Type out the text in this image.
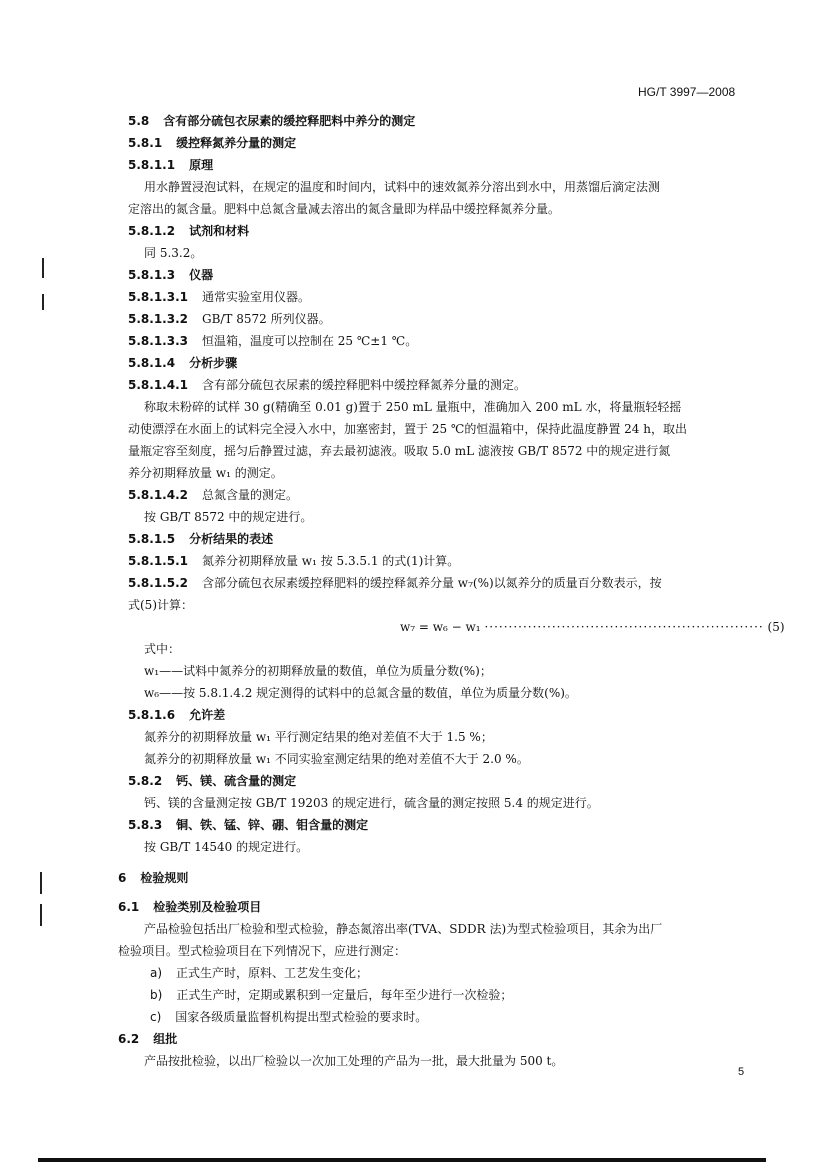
HG/T 3997—2008
5.8 含有部分硫包衣尿素的缓控释肥料中养分的测定
5.8.1 缓控释氮养分量的测定
5.8.1.1 原理
用水静置浸泡试料，在规定的温度和时间内，试料中的速效氮养分溶出到水中，用蒸馏后滴定法测
定溶出的氮含量。肥料中总氮含量减去溶出的氮含量即为样品中缓控释氮养分量。
5.8.1.2 试剂和材料
同 5.3.2。
5.8.1.3 仪器
5.8.1.3.1 通常实验室用仪器。
5.8.1.3.2 GB/T 8572 所列仪器。
5.8.1.3.3 恒温箱，温度可以控制在 25 ℃±1 ℃。
5.8.1.4 分析步骤
5.8.1.4.1 含有部分硫包衣尿素的缓控释肥料中缓控释氮养分量的测定。
称取未粉碎的试样 30 g(精确至 0.01 g)置于 250 mL 量瓶中，准确加入 200 mL 水，将量瓶轻轻摇
动使漂浮在水面上的试料完全浸入水中，加塞密封，置于 25 ℃的恒温箱中，保持此温度静置 24 h，取出
量瓶定容至刻度，摇匀后静置过滤，弃去最初滤液。吸取 5.0 mL 滤液按 GB/T 8572 中的规定进行氮
养分初期释放量 w₁ 的测定。
5.8.1.4.2 总氮含量的测定。
按 GB/T 8572 中的规定进行。
5.8.1.5 分析结果的表述
5.8.1.5.1 氮养分初期释放量 w₁ 按 5.3.5.1 的式(1)计算。
5.8.1.5.2 含部分硫包衣尿素缓控释肥料的缓控释氮养分量 w₇(%)以氮养分的质量百分数表示，按
式(5)计算：
w₇ = w₆ − w₁ ·························································· (5)
式中：
w₁——试料中氮养分的初期释放量的数值，单位为质量分数(%)；
w₆——按 5.8.1.4.2 规定测得的试料中的总氮含量的数值，单位为质量分数(%)。
5.8.1.6 允许差
氮养分的初期释放量 w₁ 平行测定结果的绝对差值不大于 1.5 %；
氮养分的初期释放量 w₁ 不同实验室测定结果的绝对差值不大于 2.0 %。
5.8.2 钙、镁、硫含量的测定
钙、镁的含量测定按 GB/T 19203 的规定进行，硫含量的测定按照 5.4 的规定进行。
5.8.3 铜、铁、锰、锌、硼、钼含量的测定
按 GB/T 14540 的规定进行。
6 检验规则
6.1 检验类别及检验项目
产品检验包括出厂检验和型式检验，静态氮溶出率(TVA、SDDR 法)为型式检验项目，其余为出厂
检验项目。型式检验项目在下列情况下，应进行测定：
a) 正式生产时，原料、工艺发生变化；
b) 正式生产时，定期或累积到一定量后，每年至少进行一次检验；
c) 国家各级质量监督机构提出型式检验的要求时。
6.2 组批
产品按批检验，以出厂检验以一次加工处理的产品为一批，最大批量为 500 t。
5
